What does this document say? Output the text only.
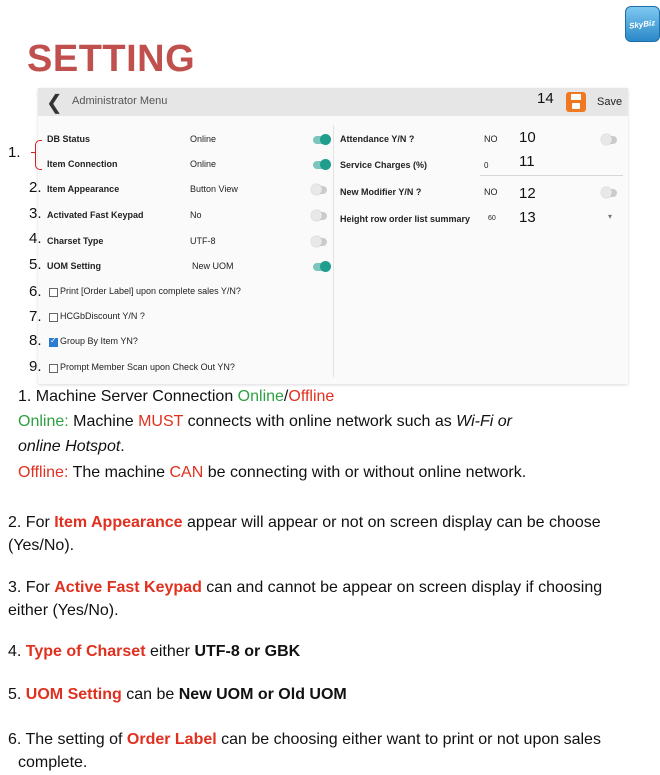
SETTING
SkyBiz
❮ Administrator Menu	14	Save
1.
2.
3.
4.
5.
6.
7.
8.
9.
DB Status	Online
Item Connection	Online
Item Appearance	Button View
Activated Fast Keypad	No
Charset Type	UTF-8
UOM Setting	New UOM
Print [Order Label] upon complete sales Y/N?
HCGbDiscount Y/N ?
✓
Group By Item YN?
Prompt Member Scan upon Check Out YN?
Attendance Y/N ?	NO 10
Service Charges (%)	0 11
New Modifier Y/N ?	NO 12
Height row order list summary	60 13	▾
1. Machine Server Connection Online/Offline
Online: Machine MUST connects with online network such as Wi-Fi or
online Hotspot.
Offline: The machine CAN be connecting with or without online network.
2. For Item Appearance appear will appear or not on screen display can be choose
(Yes/No).
3. For Active Fast Keypad can and cannot be appear on screen display if choosing
either (Yes/No).
4. Type of Charset either UTF-8 or GBK
5. UOM Setting can be New UOM or Old UOM
6. The setting of Order Label can be choosing either want to print or not upon sales
complete.
